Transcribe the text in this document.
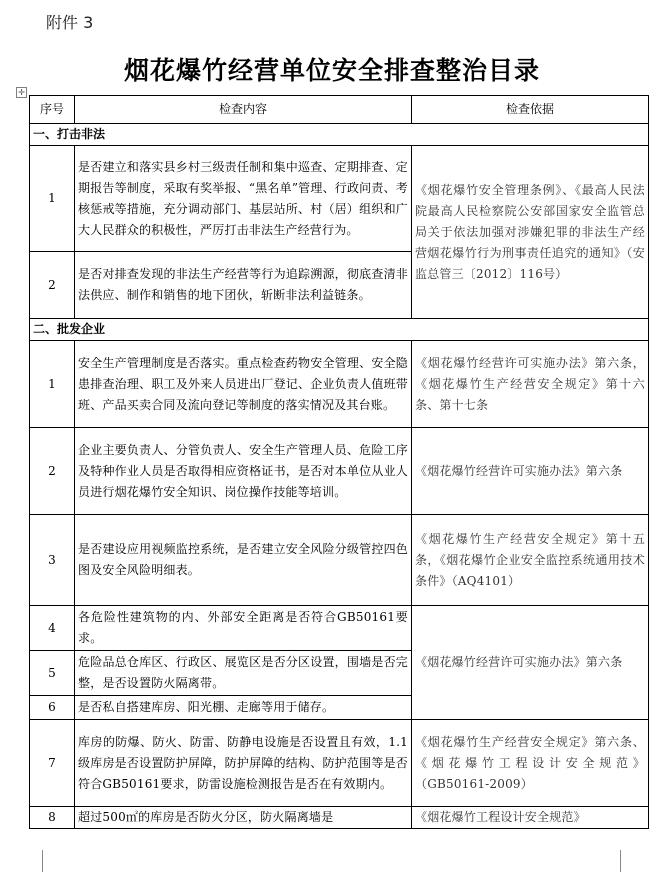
附件 3
烟花爆竹经营单位安全排查整治目录
✛
序号	检查内容	检查依据
一、打击非法		
1	是否建立和落实县乡村三级责任制和集中巡查、定期排查、定期报告等制度，采取有奖举报、“黑名单”管理、行政问责、考核惩戒等措施，充分调动部门、基层站所、村（居）组织和广大人民群众的积极性，严厉打击非法生产经营行为。	《烟花爆竹安全管理条例》、《最高人民法院最高人民检察院公安部国家安全监管总局关于依法加强对涉嫌犯罪的非法生产经营烟花爆竹行为刑事责任追究的通知》（安监总管三〔2012〕116号）
2	是否对排查发现的非法生产经营等行为追踪溯源，彻底查清非法供应、制作和销售的地下团伙，斩断非法利益链条。	
二、批发企业		
1	安全生产管理制度是否落实。重点检查药物安全管理、安全隐患排查治理、职工及外来人员进出厂登记、企业负责人值班带班、产品买卖合同及流向登记等制度的落实情况及其台账。	《烟花爆竹经营许可实施办法》第六条，《烟花爆竹生产经营安全规定》第十六条、第十七条
2	企业主要负责人、分管负责人、安全生产管理人员、危险工序及特种作业人员是否取得相应资格证书，是否对本单位从业人员进行烟花爆竹安全知识、岗位操作技能等培训。	《烟花爆竹经营许可实施办法》第六条
3	是否建设应用视频监控系统，是否建立安全风险分级管控四色图及安全风险明细表。	《烟花爆竹生产经营安全规定》第十五条，《烟花爆竹企业安全监控系统通用技术条件》（AQ4101）
4	各危险性建筑物的内、外部安全距离是否符合GB50161要求。	《烟花爆竹经营许可实施办法》第六条
5	危险品总仓库区、行政区、展览区是否分区设置，围墙是否完整，是否设置防火隔离带。	
6	是否私自搭建库房、阳光棚、走廊等用于储存。	
7	库房的防爆、防火、防雷、防静电设施是否设置且有效，1.1级库房是否设置防护屏障，防护屏障的结构、防护范围等是否符合GB50161要求，防雷设施检测报告是否在有效期内。	《烟花爆竹生产经营安全规定》第六条、《烟花爆竹工程设计安全规范》（GB50161-2009）
8	超过500㎡的库房是否防火分区，防火隔离墙是	《烟花爆竹工程设计安全规范》
